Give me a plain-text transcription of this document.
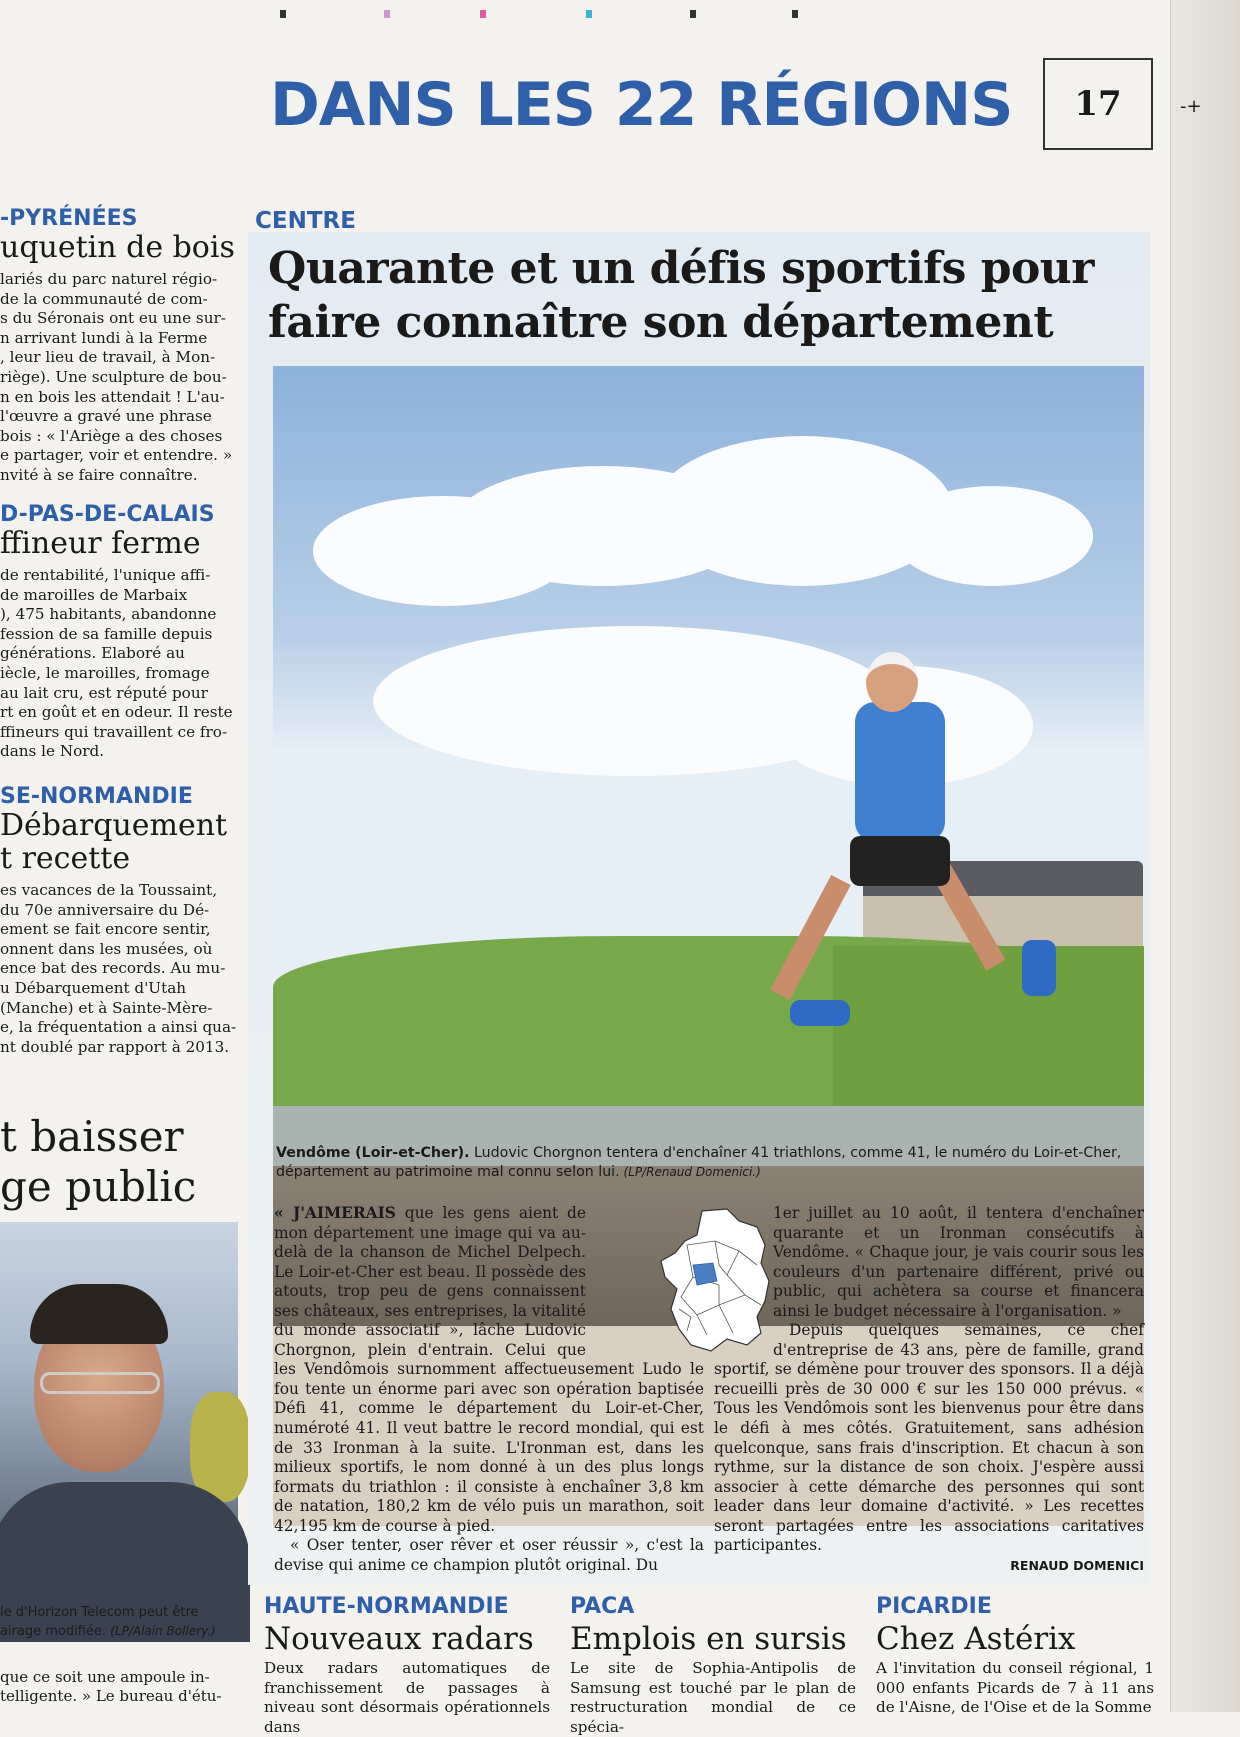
DANS LES 22 RÉGIONS	17	-+
-PYRÉNÉES
uquetin de bois
lariés du parc naturel régio-
de la communauté de com-
s du Séronais ont eu une sur-
n arrivant lundi à la Ferme
, leur lieu de travail, à Mon-
riège). Une sculpture de bou-
n en bois les attendait ! L'au-
l'œuvre a gravé une phrase
bois : « l'Ariège a des choses
e partager, voir et entendre. »
nvité à se faire connaître.
D-PAS-DE-CALAIS
ffineur ferme
de rentabilité, l'unique affi-
de maroilles de Marbaix
), 475 habitants, abandonne
fession de sa famille depuis
générations. Elaboré au
iècle, le maroilles, fromage
au lait cru, est réputé pour
rt en goût et en odeur. Il reste
ffineurs qui travaillent ce fro-
dans le Nord.
SE-NORMANDIE
Débarquement
t recette
es vacances de la Toussaint,
du 70e anniversaire du Dé-
ement se fait encore sentir,
onnent dans les musées, où
ence bat des records. Au mu-
u Débarquement d'Utah
(Manche) et à Sainte-Mère-
e, la fréquentation a ainsi qua-
nt doublé par rapport à 2013.
t baisser
ge public
le d'Horizon Telecom peut être
airage modifiée. (LP/Alain Bollery.)
que ce soit une ampoule in-
telligente. » Le bureau d'étu-
CENTRE
Quarante et un défis sportifs pour faire connaître son département
Vendôme (Loir-et-Cher). Ludovic Chorgnon tentera d'enchaîner 41 triathlons, comme 41, le numéro du Loir-et-Cher, département au patrimoine mal connu selon lui. (LP/Renaud Domenici.)

« J'AIMERAIS que les gens aient de mon département une image qui va au-delà de la chanson de Michel Delpech. Le Loir-et-Cher est beau. Il possède des atouts, trop peu de gens connaissent ses châteaux, ses entreprises, la vitalité du monde associatif », lâche Ludovic Chorgnon, plein d'entrain. Celui que les Vendômois surnomment affectueusement Ludo le fou tente un énorme pari avec son opération baptisée Défi 41, comme le département du Loir-et-Cher, numéroté 41. Il veut battre le record mondial, qui est de 33 Ironman à la suite. L'Ironman est, dans les milieux sportifs, le nom donné à un des plus longs formats du triathlon : il consiste à enchaîner 3,8 km de natation, 180,2 km de vélo puis un marathon, soit 42,195 km de course à pied.

« Oser tenter, oser rêver et oser réussir », c'est la devise qui anime ce champion plutôt original. Du

1er juillet au 10 août, il tentera d'enchaîner quarante et un Ironman consécutifs à Vendôme. « Chaque jour, je vais courir sous les couleurs d'un partenaire différent, privé ou public, qui achètera sa course et financera ainsi le budget nécessaire à l'organisation. »

Depuis quelques semaines, ce chef d'entreprise de 43 ans, père de famille, grand sportif, se démène pour trouver des sponsors. Il a déjà recueilli près de 30 000 € sur les 150 000 prévus. « Tous les Vendômois sont les bienvenus pour être dans le défi à mes côtés. Gratuitement, sans adhésion quelconque, sans frais d'inscription. Et chacun à son rythme, sur la distance de son choix. J'espère aussi associer à cette démarche des personnes qui sont leader dans leur domaine d'activité. » Les recettes seront partagées entre les associations caritatives participantes.

RENAUD DOMENICI
HAUTE-NORMANDIE
Nouveaux radars

Deux radars automatiques de franchissement de passages à niveau sont désormais opérationnels dans

PACA
Emplois en sursis

Le site de Sophia-Antipolis de Samsung est touché par le plan de restructuration mondial de ce spécia-

PICARDIE
Chez Astérix

A l'invitation du conseil régional, 1 000 enfants Picards de 7 à 11 ans de l'Aisne, de l'Oise et de la Somme
